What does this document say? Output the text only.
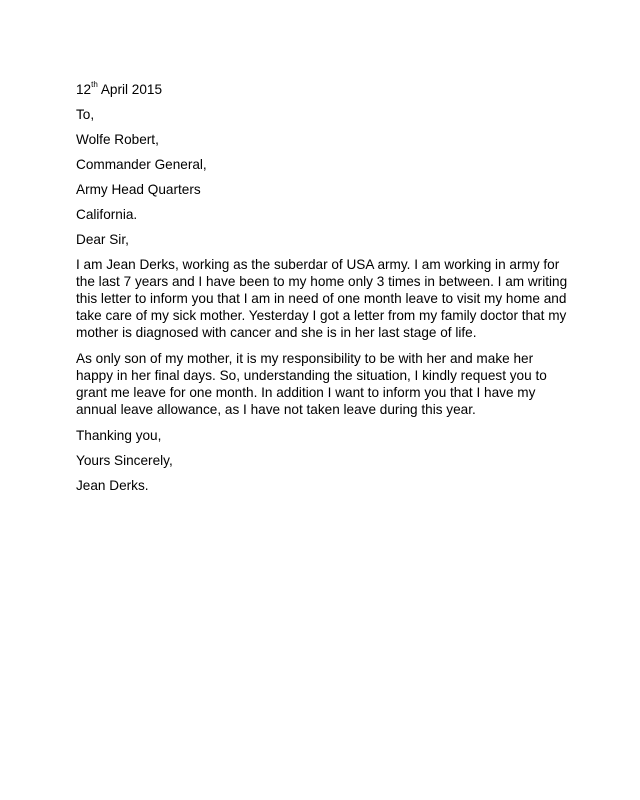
12th April 2015
To,
Wolfe Robert,
Commander General,
Army Head Quarters
California.
Dear Sir,
I am Jean Derks, working as the suberdar of USA army. I am working in army for the last 7 years and I have been to my home only 3 times in between. I am writing this letter to inform you that I am in need of one month leave to visit my home and take care of my sick mother. Yesterday I got a letter from my family doctor that my mother is diagnosed with cancer and she is in her last stage of life.
As only son of my mother, it is my responsibility to be with her and make her happy in her final days. So, understanding the situation, I kindly request you to grant me leave for one month. In addition I want to inform you that I have my annual leave allowance, as I have not taken leave during this year.
Thanking you,
Yours Sincerely,
Jean Derks.
